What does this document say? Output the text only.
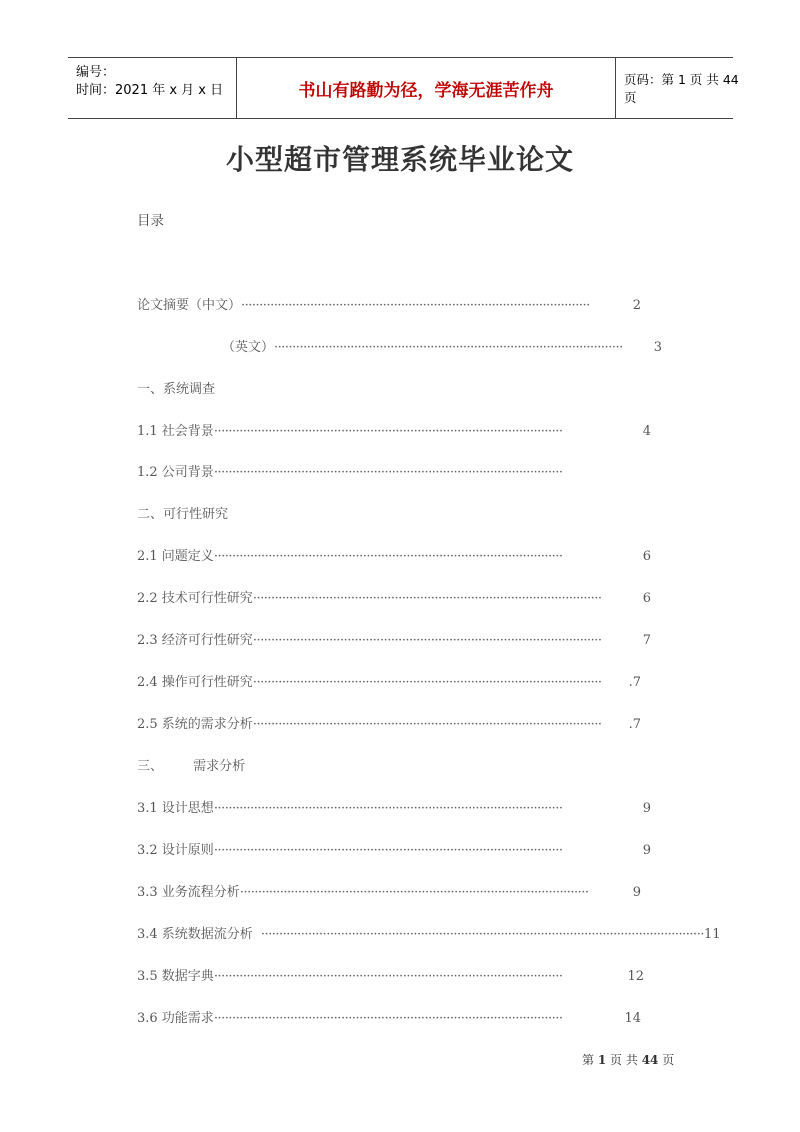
编号：
时间：2021 年 x 月 x 日	书山有路勤为径，学海无涯苦作舟
页码：第 1 页 共 44 页
小型超市管理系统毕业论文
目录
论文摘要（中文） ································································································	2
（英文） ································································································	3
一、系统调查
1.1 社会背景 ································································································	4
1.2 公司背景 ································································································
二、可行性研究
2.1 问题定义 ································································································	6
2.2 技术可行性研究 ································································································	6
2.3 经济可行性研究 ································································································	7
2.4 操作可行性研究 ································································································	.7
2.5 系统的需求分析 ································································································	.7
三、 需求分析
3.1 设计思想 ································································································	9
3.2 设计原则 ································································································	9
3.3 业务流程分析 ································································································	9
3.4 系统数据流分析 ·························································································································· 11
3.5 数据字典 ································································································	12
3.6 功能需求 ································································································	14
第 1 页 共 44 页
